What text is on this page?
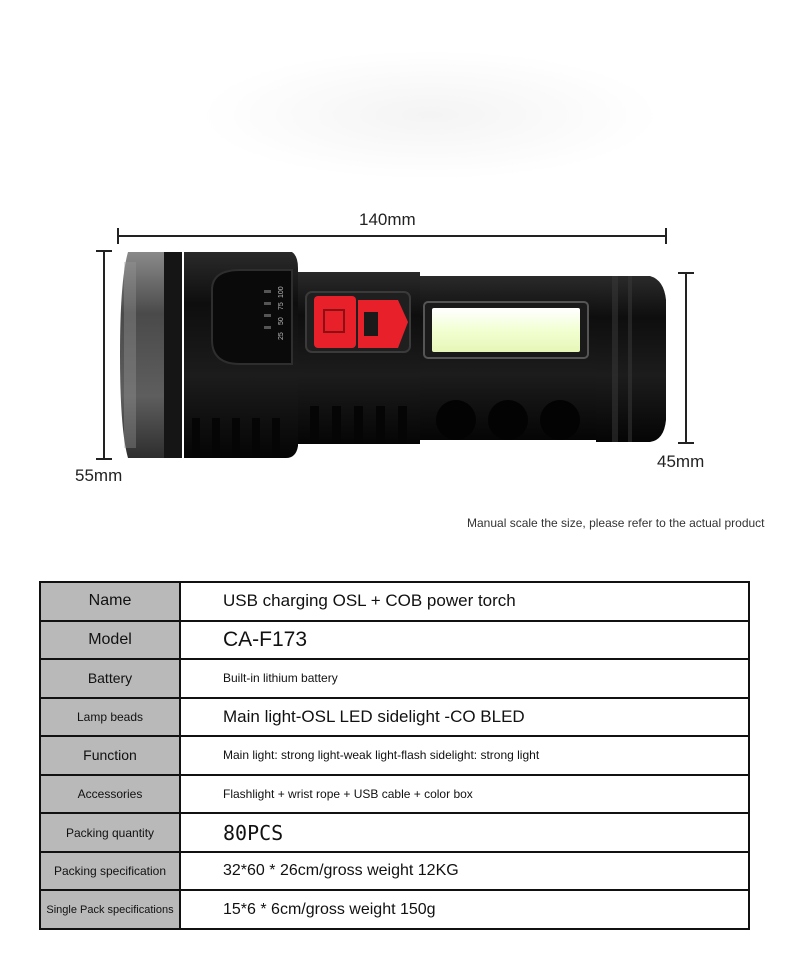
25
50
75
100
140mm
55mm
45mm
Manual scale the size, please refer to the actual product
Name	USB charging OSL + COB power torch
Model	CA-F173
Battery	Built-in lithium battery
Lamp beads	Main light-OSL LED sidelight -CO BLED
Function	Main light: strong light-weak light-flash sidelight: strong light
Accessories	Flashlight + wrist rope + USB cable + color box
Packing quantity	80PCS
Packing specification	32*60 * 26cm/gross weight 12KG
Single Pack specifications	15*6 * 6cm/gross weight 150g
